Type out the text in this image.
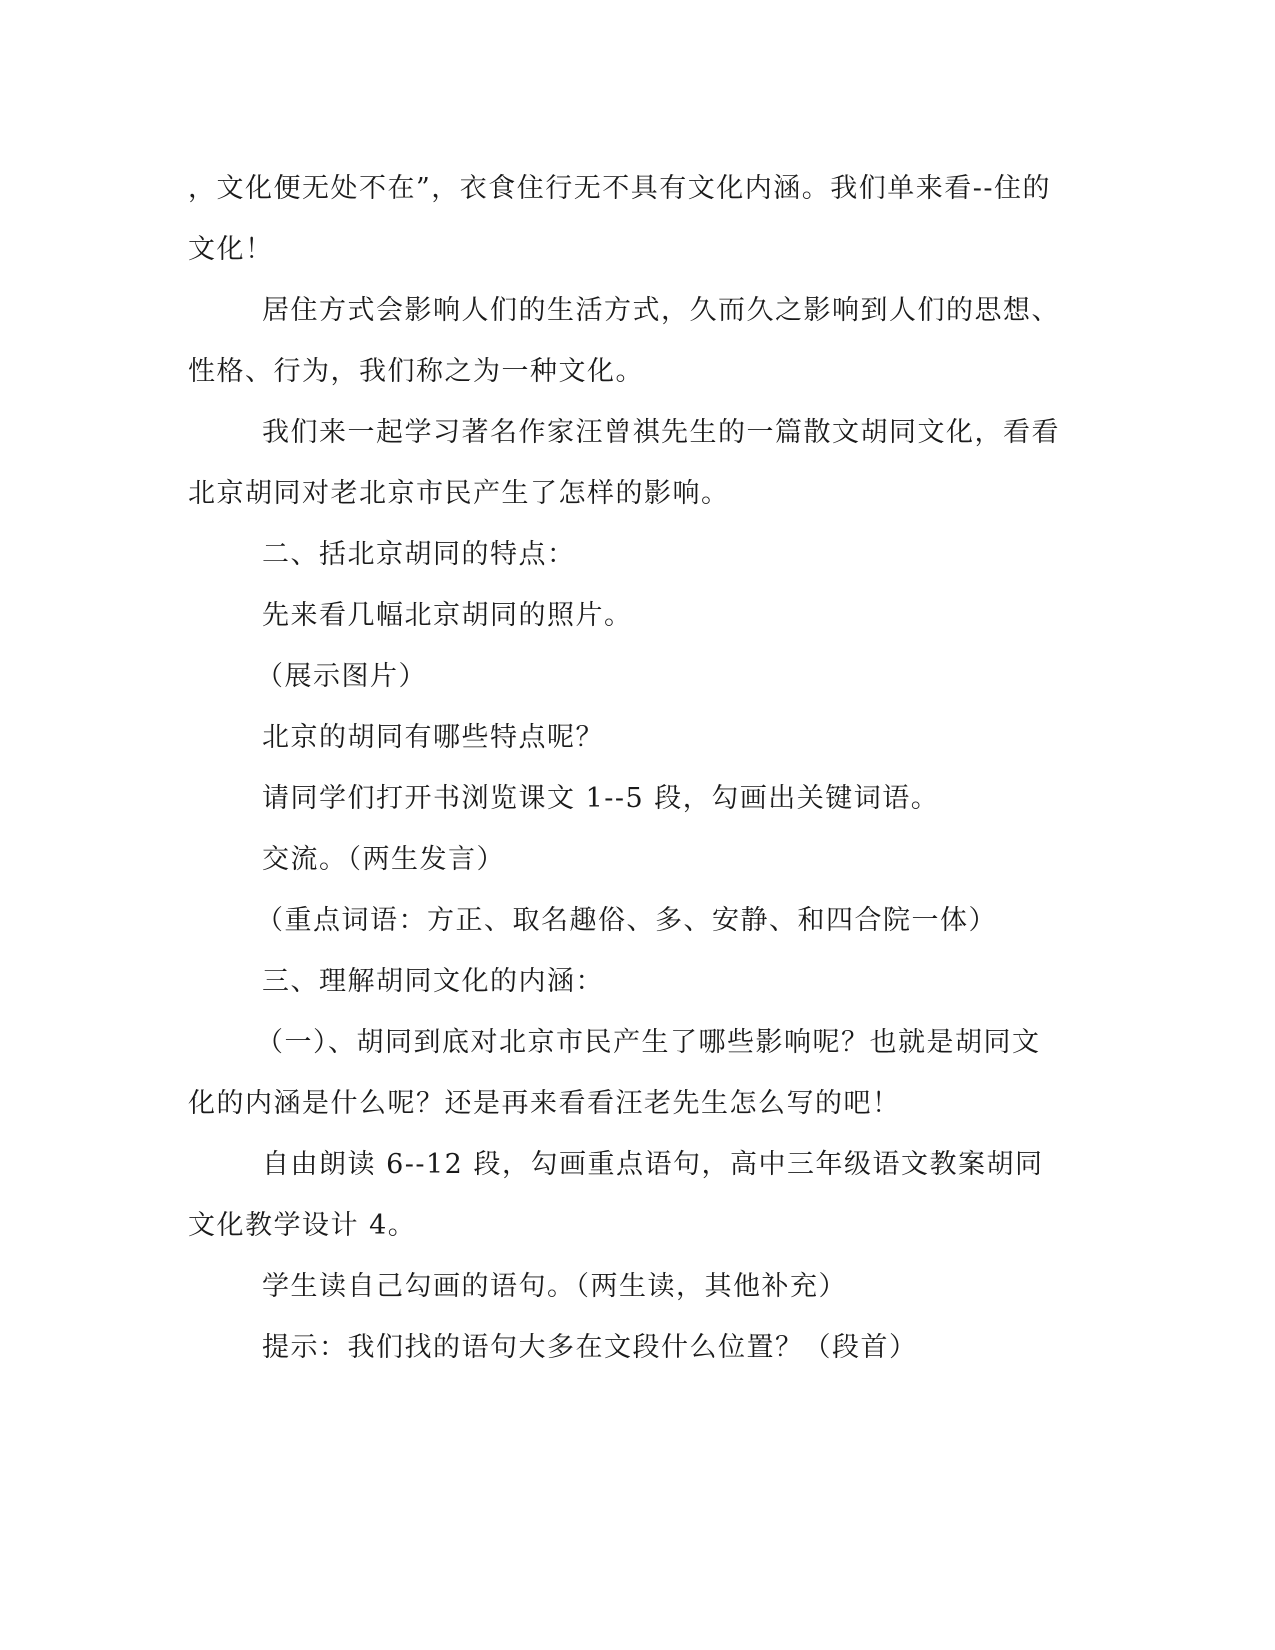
，文化便无处不在”，衣食住行无不具有文化内涵。我们单来看--住的文化！

居住方式会影响人们的生活方式，久而久之影响到人们的思想、性格、行为，我们称之为一种文化。

我们来一起学习著名作家汪曾祺先生的一篇散文胡同文化，看看北京胡同对老北京市民产生了怎样的影响。

二、括北京胡同的特点：

先来看几幅北京胡同的照片。

（展示图片）

北京的胡同有哪些特点呢？

请同学们打开书浏览课文 1--5 段，勾画出关键词语。

交流。（两生发言）

（重点词语：方正、取名趣俗、多、安静、和四合院一体）

三、理解胡同文化的内涵：

（一）、胡同到底对北京市民产生了哪些影响呢？也就是胡同文化的内涵是什么呢？还是再来看看汪老先生怎么写的吧！

自由朗读 6--12 段，勾画重点语句，高中三年级语文教案胡同文化教学设计 4。

学生读自己勾画的语句。（两生读，其他补充）

提示：我们找的语句大多在文段什么位置？（段首）
